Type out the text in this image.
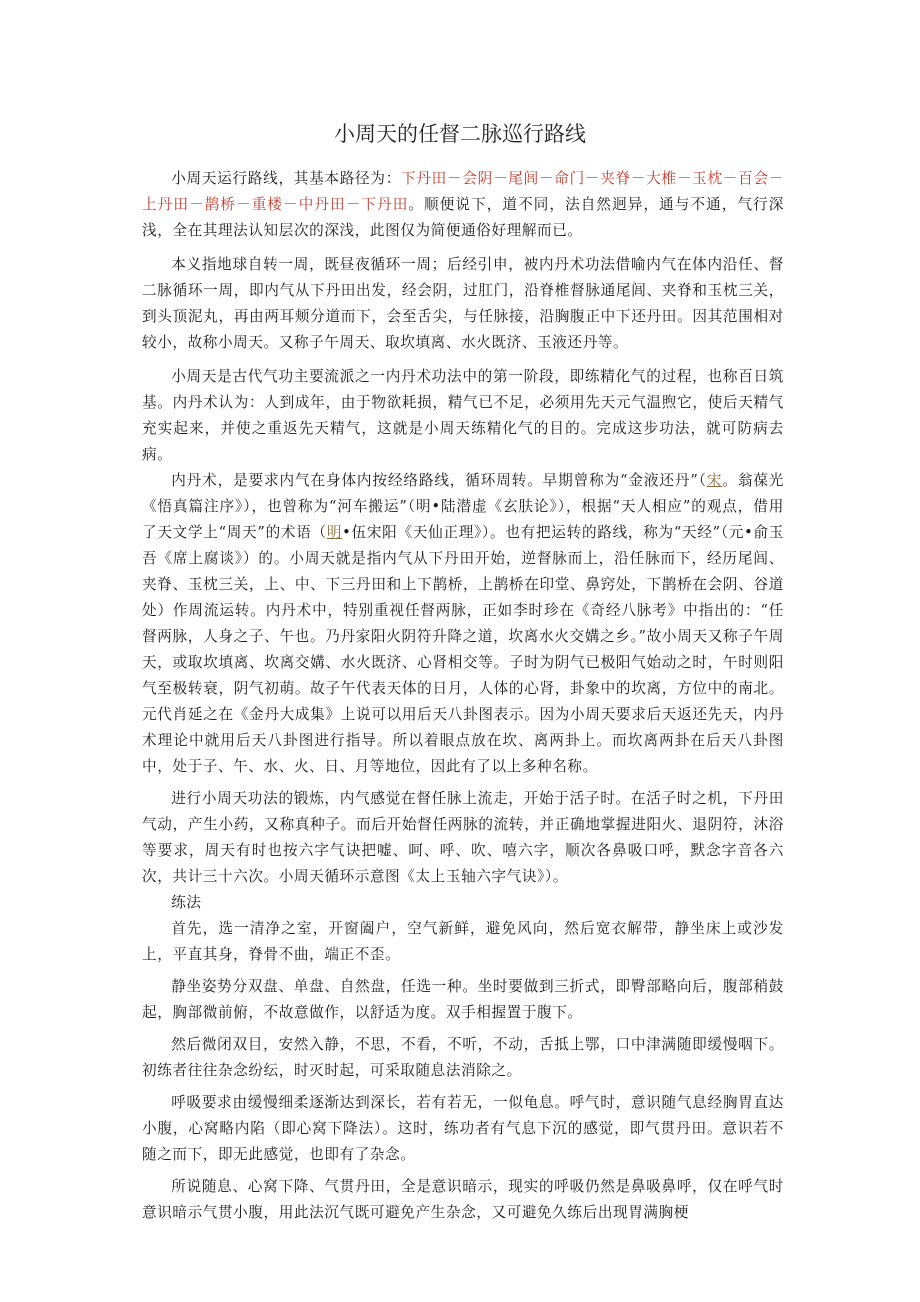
小周天的任督二脉巡行路线

小周天运行路线，其基本路径为：下丹田－会阴－尾闾－命门－夹脊－大椎－玉枕－百会－上丹田－鹊桥－重楼－中丹田－下丹田。顺便说下，道不同，法自然迥异，通与不通，气行深浅，全在其理法认知层次的深浅，此图仅为简便通俗好理解而已。

本义指地球自转一周，既昼夜循环一周；后经引申，被内丹术功法借喻内气在体内沿任、督二脉循环一周，即内气从下丹田出发，经会阴，过肛门，沿脊椎督脉通尾闾、夹脊和玉枕三关，到头顶泥丸，再由两耳颊分道而下，会至舌尖，与任脉接，沿胸腹正中下还丹田。因其范围相对较小，故称小周天。又称子午周天、取坎填离、水火既济、玉液还丹等。

小周天是古代气功主要流派之一内丹术功法中的第一阶段，即练精化气的过程，也称百日筑基。内丹术认为：人到成年，由于物欲耗损，精气已不足，必须用先天元气温煦它，使后天精气充实起来，并使之重返先天精气，这就是小周天练精化气的目的。完成这步功法，就可防病去病。

内丹术，是要求内气在身体内按经络路线，循环周转。早期曾称为“金液还丹”（宋。翁葆光《悟真篇注序》），也曾称为“河车搬运”（明•陆潜虚《玄肤论》），根据“天人相应”的观点，借用了天文学上“周天”的术语（明•伍宋阳《天仙正理》）。也有把运转的路线，称为“天经”（元•俞玉吾《席上腐谈》）的。小周天就是指内气从下丹田开始，逆督脉而上，沿任脉而下，经历尾闾、夹脊、玉枕三关，上、中、下三丹田和上下鹊桥，上鹊桥在印堂、鼻窍处，下鹊桥在会阴、谷道处）作周流运转。内丹术中，特别重视任督两脉，正如李时珍在《奇经八脉考》中指出的：“任督两脉，人身之子、午也。乃丹家阳火阴符升降之道，坎离水火交媾之乡。”故小周天又称子午周天，或取坎填离、坎离交媾、水火既济、心肾相交等。子时为阴气已极阳气始动之时，午时则阳气至极转衰，阴气初萌。故子午代表天体的日月，人体的心肾，卦象中的坎离，方位中的南北。元代肖延之在《金丹大成集》上说可以用后天八卦图表示。因为小周天要求后天返还先天，内丹术理论中就用后天八卦图进行指导。所以着眼点放在坎、离两卦上。而坎离两卦在后天八卦图中，处于子、午、水、火、日、月等地位，因此有了以上多种名称。

进行小周天功法的锻炼，内气感觉在督任脉上流走，开始于活子时。在活子时之机，下丹田气动，产生小药，又称真种子。而后开始督任两脉的流转，并正确地掌握进阳火、退阴符，沐浴等要求，周天有时也按六字气诀把嘘、呵、呼、吹、嘻六字，顺次各鼻吸口呼，默念字音各六次，共计三十六次。小周天循环示意图《太上玉轴六字气诀》）。

练法

首先，选一清净之室，开窗阖户，空气新鲜，避免风向，然后宽衣解带，静坐床上或沙发上，平直其身，脊骨不曲，端正不歪。

静坐姿势分双盘、单盘、自然盘，任选一种。坐时要做到三折式，即臀部略向后，腹部稍鼓起，胸部微前俯，不故意做作，以舒适为度。双手相握置于腹下。

然后微闭双目，安然入静，不思，不看，不听，不动，舌抵上鄂，口中津满随即缓慢咽下。初练者往往杂念纷纭，时灭时起，可采取随息法消除之。

呼吸要求由缓慢细柔逐渐达到深长，若有若无，一似龟息。呼气时，意识随气息经胸胃直达小腹，心窝略内陷（即心窝下降法）。这时，练功者有气息下沉的感觉，即气贯丹田。意识若不随之而下，即无此感觉，也即有了杂念。

所说随息、心窝下降、气贯丹田，全是意识暗示，现实的呼吸仍然是鼻吸鼻呼，仅在呼气时意识暗示气贯小腹，用此法沉气既可避免产生杂念，又可避免久练后出现胃满胸梗
